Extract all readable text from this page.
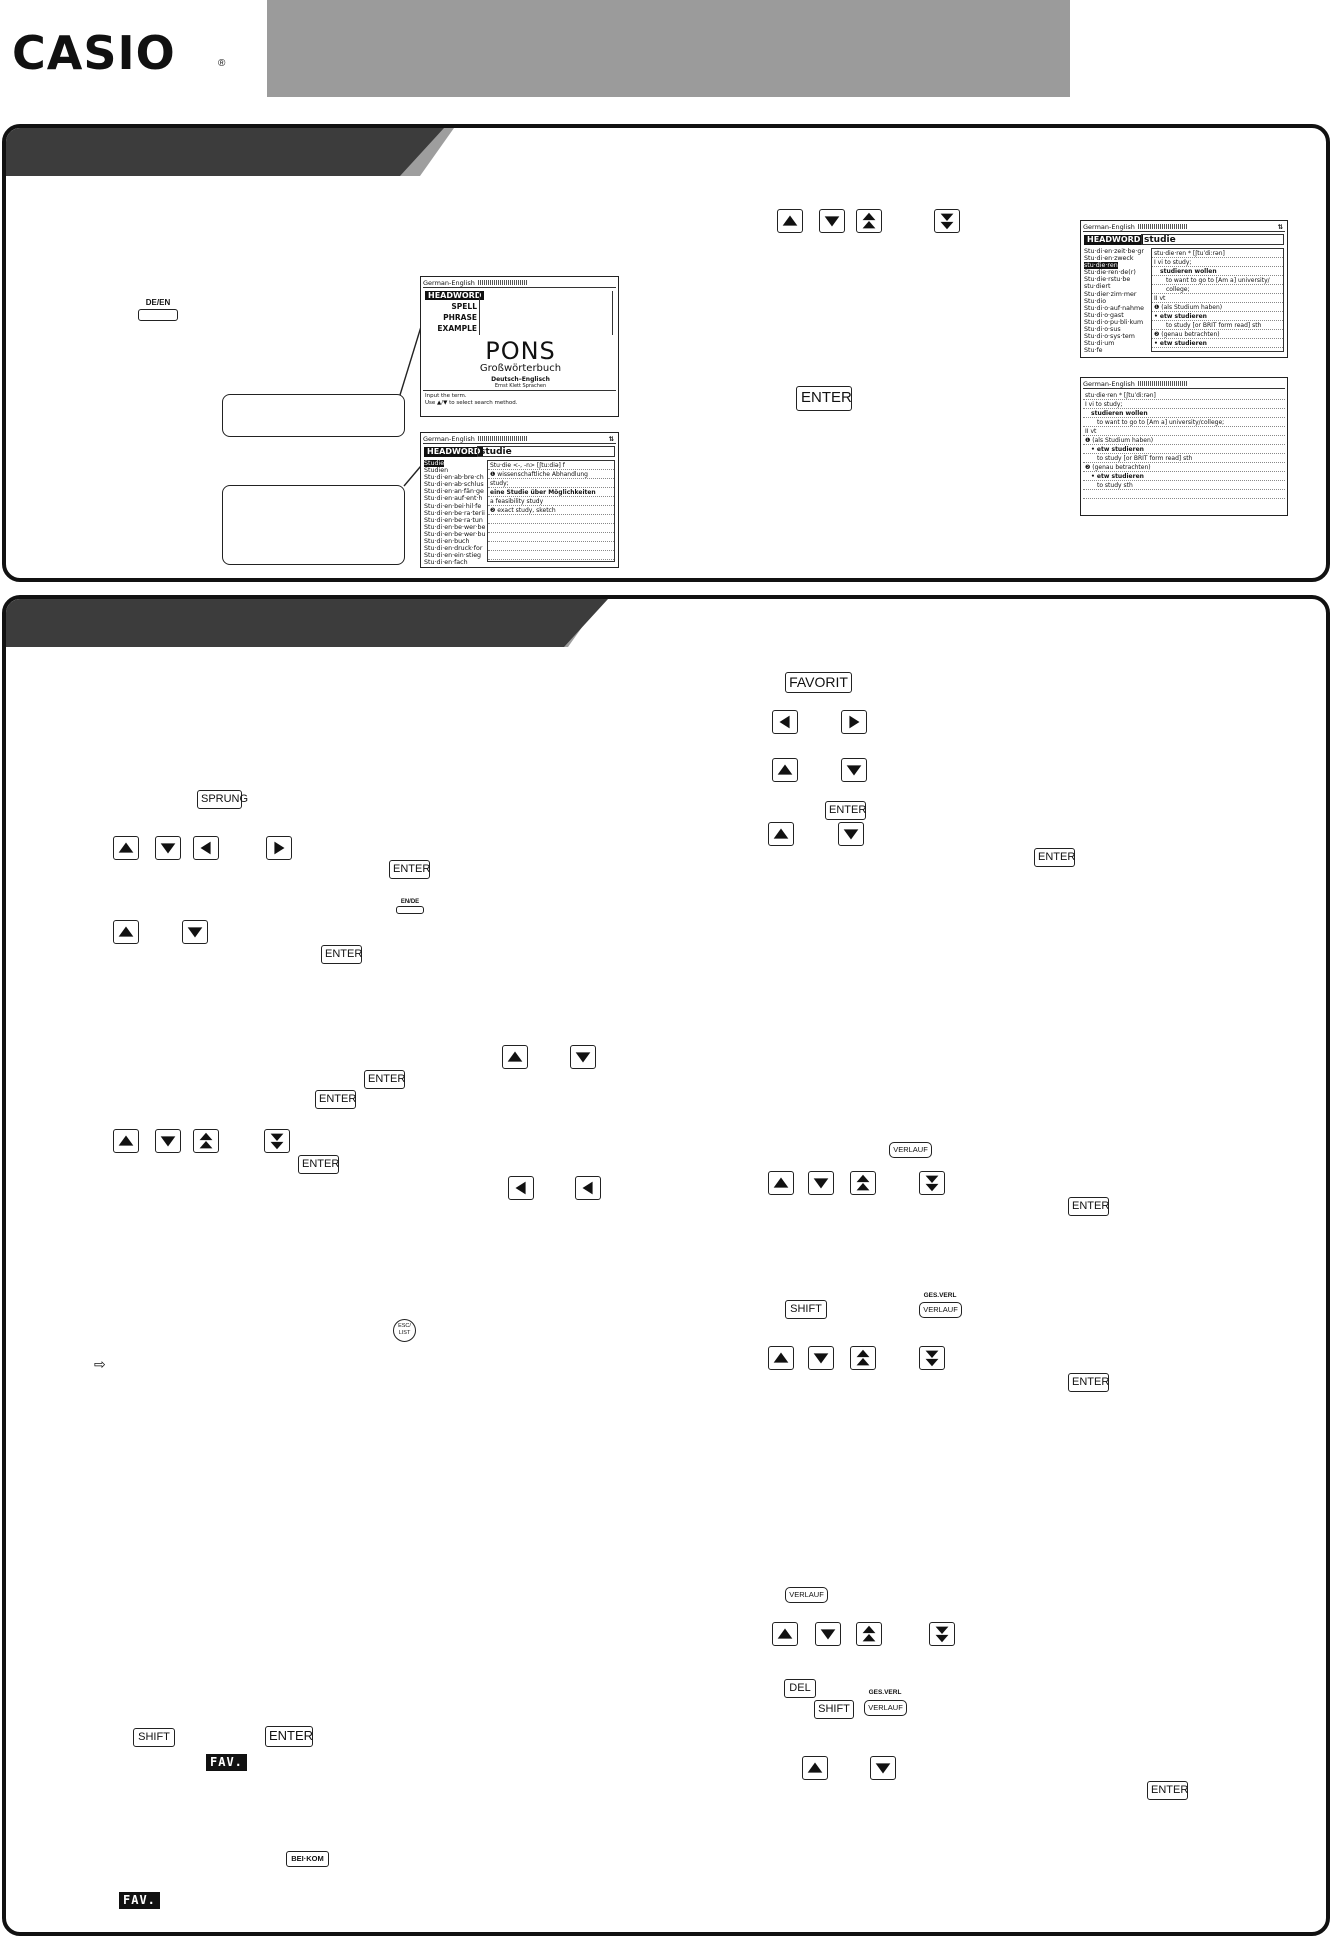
CASIO	®
DE/EN
German-English
HEADWORD
SPELL
PHRASE
EXAMPLE
PONS
Großwörterbuch
Deutsch–Englisch
Ernst Klett Sprachen
Input the term.
Use ▲/▼ to select search method.
German-English	⇅
HEADWORD studie
Studie
Studien
Stu·di·en·ab·bre·ch
Stu·di·en·ab·schlus
Stu·di·en·an·fän·ge
Stu·di·en·auf·ent·h
Stu·di·en·bei·hil·fe
Stu·di·en·be·ra·terii
Stu·di·en·be·ra·tun
Stu·di·en·be·wer·be
Stu·di·en·be·wer·bu
Stu·di·en·buch
Stu·di·en·druck·for
Stu·di·en·ein·stieg
Stu·di·en·fach
Stu·die <-, -n> [ʃtuːdiə] f
❶ wissenschaftliche Abhandlung
study;
eine Studie über Möglichkeiten
a feasibility study
❷ exact study, sketch
ENTER
German-English	⇅
HEADWORD studie
Stu·di·en·zeit·be·gr
Stu·di·en·zweck
stu·die·ren
Stu·die·ren·de(r)
Stu·die·rstu·be
stu·diert
Stu·dier·zim·mer
Stu·dio
Stu·di·o·auf·nahme
Stu·di·o·gast
Stu·di·o·pu·bli·kum
Stu·di·o·sus
Stu·di·o·sys·tem
Stu·di·um
Stu·fe
stu·die·ren * [ʃtuˈdiːrən]
I vi to study;
studieren wollen
to want to go to [Am a] university/
college;
II vt
❶ (als Studium haben)
• etw studieren
to study [or BRIT form read] sth
❷ (genau betrachten)
• etw studieren
German-English
stu·die·ren * [ʃtuˈdiːrən]
I vi to study;
studieren wollen
to want to go to [Am a] university/college;
II vt
❶ (als Studium haben)
• etw studieren
to study [or BRIT form read] sth
❷ (genau betrachten)
• etw studieren
to study sth
SPRUNG
ENTER
EN/DE
ENTER
ENTER
ENTER
ENTER
ESC/
LIST
⇨
SHIFT	ENTER
FAV.
BEI·KOM
FAV.
FAVORIT
ENTER
ENTER
VERLAUF
ENTER
SHIFT
GES.VERL
VERLAUF
ENTER
VERLAUF
DEL
SHIFT
GES.VERL
VERLAUF
ENTER
